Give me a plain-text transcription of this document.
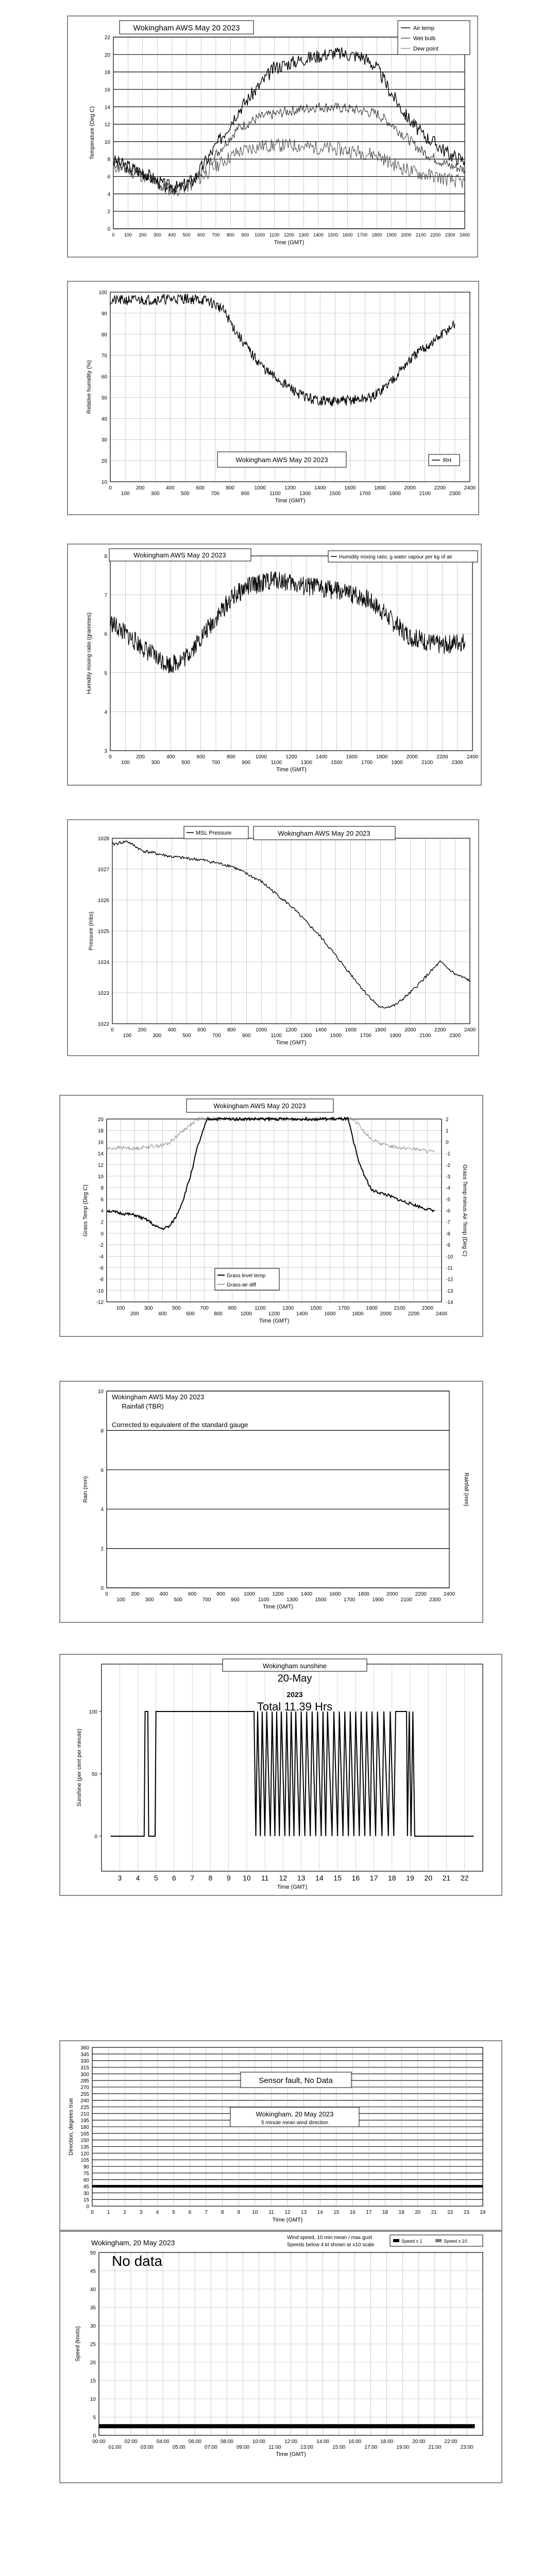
0
2
4
6
8
10
12
14
16
18
20
22
0 100 200 300 400 500 600 700 800 900 1000 1100 1200 1300 1400 1500 1600 1700 1800 1900 2000 2100 2200 2300 2400
Time (GMT)
Temperature (Deg C)
Wokingham AWS May 20 2023	Air temp
Wet bulb
Dew point
10
20
30
40
50
60
70
80
90
100
0
100
200
300
400
500
600
700
800
900
1000
1100
1200
1300
1400
1500
1600
1700
1800
1900
2000
2100
2200
2300
2400
Time (GMT)
Relative humidity (%)
Wokingham AWS May 20 2023	RH
3
4
5
6
7
8
0
100
200
300
400
500
600
700
800
900
1000
1100
1200
1300
1400
1500
1600
1700
1800
1900
2000
2100
2200
2300
2400
Time (GMT)
Humidity mixing ratio (grammes)
Wokingham AWS May 20 2023	Humidity mixing ratio, g water vapour per kg of air
1022
1023
1024
1025
1026
1027
1028
0
100
200
300
400
500
600
700
800
900
1000
1100
1200
1300
1400
1500
1600
1700
1800
1900
2000
2100
2200
2300
2400
Time (GMT)
Pressure (mbs)
Wokingham AWS May 20 2023
MSL Pressure
-12
-10
-8
-6
-4
-2
0
2
4
6
8
10
12
14
16
18
20
100
200
300
400
500
600
700
800
900
1000
1100
1200
1300
1400
1500
1600
1700
1800
1900
2000
2100
2200
2300
2400
Time (GMT)
Grass Temp (Deg C)
-14
-13
-12
-11
-10
-9
-8
-7
-6
-5
-4
-3
-2
-1
0
1
2
Grass Temp minus Air Temp (Deg C)
Wokingham AWS May 20 2023
Grass level temp
Grass-air diff
0
2
4
6
8
10
0
100
200
300
400
500
600
700
800
900
1000
1100
1200
1300
1400
1500
1600
1700
1800
1900
2000
2100
2200
2300
2400
Time (GMT)
Rain (mm)	Rainfall (mm)
Wokingham AWS May 20 2023
Rainfall (TBR)
Corrected to equivalent of the standard gauge
3 4 5 6 7 8 9 10 11 12 13 14 15 16 17 18 19 20 21 22
0
50
100
Time (GMT)
Sunshine (per cent per minute)
Wokingham sunshine
20-May
2023
Total 11.39 Hrs
0
15
30
45
60
75
90
105
120
135
150
165
180
195
210
225
240
255
270
285
300
315
330
345
360
0	1	2	3	4	5	6	7	8	9 10 11 12 13 14 15 16 17 18 19 20 21 22 23 24
Time (GMT)
Direction, degrees true
Sensor fault, No Data
Wokingham, 20 May 2023
5 minute mean wind direction
0
5
10
15
20
25
30
35
40
45
50
00:00
01:00
02:00
03:00
04:00
05:00
06:00
07:00
08:00
09:00
10:00
11:00
12:00
13:00
14:00
15:00
16:00
17:00
18:00
19:00
20:00
21:00
22:00
23:00
Time (GMT)
Speed (knots)
Wokingham, 20 May 2023
No data
Wind speed, 10 min mean / max gust
Speeds below 4 kt shown at x10 scale
Speed x 1	Speed x 10
